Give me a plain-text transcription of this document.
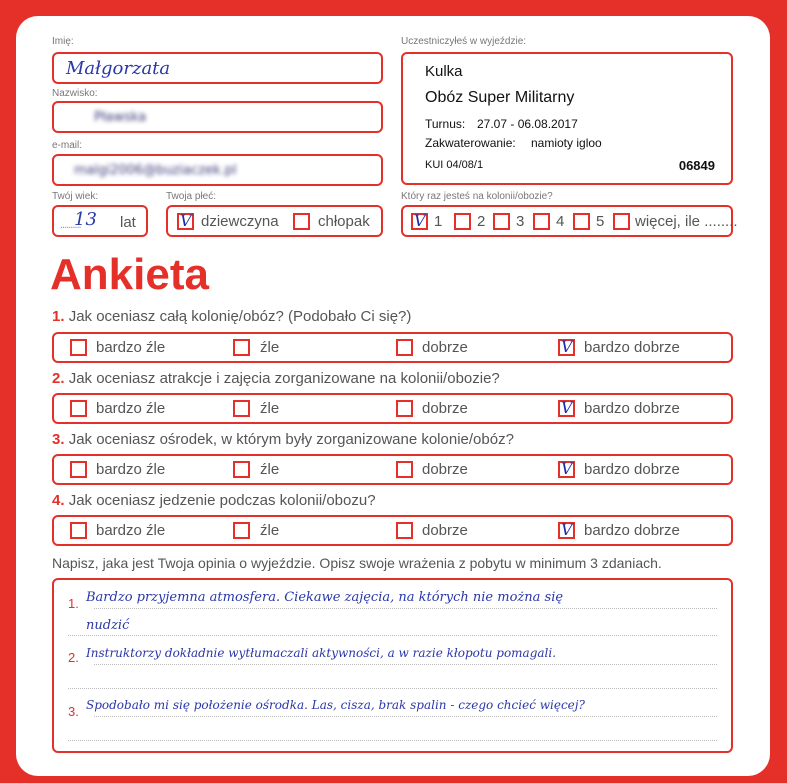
Imię:
Małgorzata
Nazwisko:
Pławska
e-mail:
malgi2006@buziaczek.pl
Twój wiek:
..........
13 lat
Twoja płeć:
V dziewczyna	chłopak
Uczestniczyłeś w wyjeździe:
Kulka
Obóz Super Militarny
Turnus: 27.07 - 06.08.2017
Zakwaterowanie: namioty igloo
KUI 04/08/1	06849
Który raz jesteś na kolonii/obozie?
V 1 2 3 4 5 więcej, ile ........
Ankieta
1. Jak oceniasz całą kolonię/obóz? (Podobało Ci się?)
bardzo źle	źle	dobrze	V bardzo dobrze
2. Jak oceniasz atrakcje i zajęcia zorganizowane na kolonii/obozie?
bardzo źle	źle	dobrze	V bardzo dobrze
3. Jak oceniasz ośrodek, w którym były zorganizowane kolonie/obóz?
bardzo źle	źle	dobrze	V bardzo dobrze
4. Jak oceniasz jedzenie podczas kolonii/obozu?
bardzo źle	źle	dobrze	V bardzo dobrze
Napisz, jaka jest Twoja opinia o wyjeździe. Opisz swoje wrażenia z pobytu w minimum 3 zdaniach.
1. Bardzo przyjemna atmosfera. Ciekawe zajęcia, na których nie można się
nudzić
2. Instruktorzy dokładnie wytłumaczali aktywności, a w razie kłopotu pomagali.
3. Spodobało mi się położenie ośrodka. Las, cisza, brak spalin - czego chcieć więcej?
